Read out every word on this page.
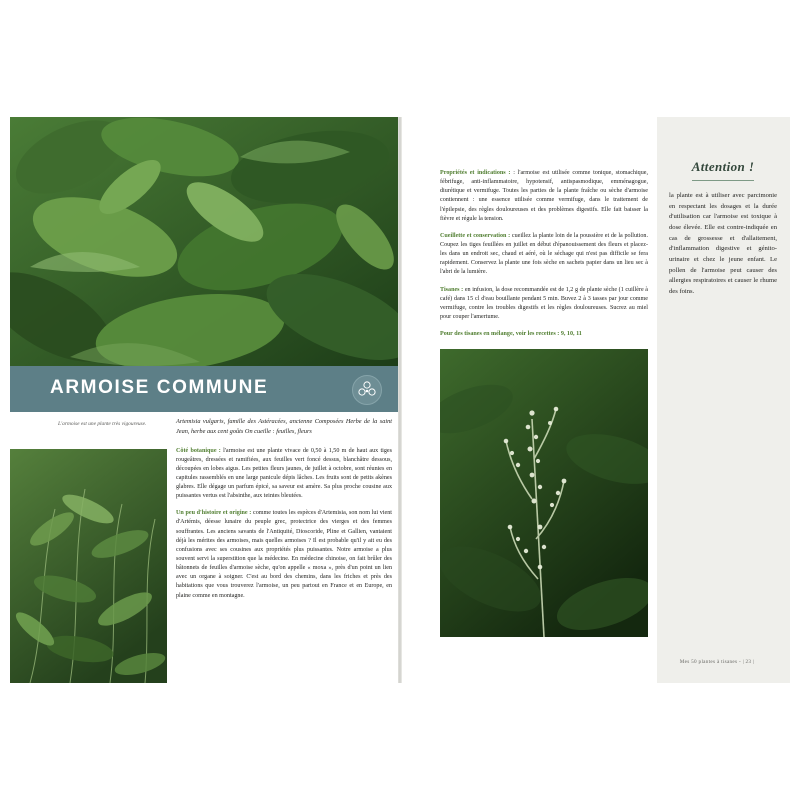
ARMOISE COMMUNE
L'armoise est une plante très vigoureuse.	Artemisia vulgaris, famille des Astéracées, ancienne Composées Herbe de la saint Jean, herbe aux cent goûts On cueille : feuilles, fleurs
Côté botanique : l'armoise est une plante vivace de 0,50 à 1,50 m de haut aux tiges rougeâtres, dressées et ramifiées, aux feuilles vert foncé dessus, blanchâtre dessous, découpées en lobes aigus. Les petites fleurs jaunes, de juillet à octobre, sont réunies en capitules rassemblés en une large panicule dépis lâches. Les fruits sont de petits akènes glabres. Elle dégage un parfum épicé, sa saveur est amère. Sa plus proche cousine aux puissantes vertus est l'absinthe, aux teintes bleutées.
Un peu d'histoire et origine : comme toutes les espèces d'Artemisia, son nom lui vient d'Artémis, déesse lunaire du peuple grec, protectrice des vierges et des femmes souffrantes. Les anciens savants de l'Antiquité, Dioscoride, Pline et Gallien, vantaient déjà les mérites des armoises, mais quelles armoises ? Il est probable qu'il y ait eu des confusions avec ses cousines aux propriétés plus puissantes. Notre armoise a plus souvent servi la superstition que la médecine. En médecine chinoise, on fait brûler des bâtonnets de feuilles d'armoise sèche, qu'on appelle « moxa », près d'un point un lien avec un organe à soigner. C'est au bord des chemins, dans les friches et près des habitations que vous trouverez l'armoise, un peu partout en France et en Europe, en plaine comme en montagne.
Propriétés et indications : : l'armoise est utilisée comme tonique, stomachique, fébrifuge, anti-inflammatoire, hypotensif, antispasmodique, emménagogue, diurétique et vermifuge. Toutes les parties de la plante fraîche ou sèche d'armoise contiennent : une essence utilisée comme vermifuge, dans le traitement de l'épilepsie, des règles douloureuses et des problèmes digestifs. Elle fait baisser la fièvre et régule la tension.
Cueillette et conservation : cueillez la plante loin de la poussière et de la pollution. Coupez les tiges feuillées en juillet en début d'épanouissement des fleurs et placez-les dans un endroit sec, chaud et aéré, où le séchage qui n'est pas difficile se fera rapidement. Conservez la plante une fois sèche en sachets papier dans un lieu sec à l'abri de la lumière.
Tisanes : en infusion, la dose recommandée est de 1,2 g de plante sèche (1 cuillère à café) dans 15 cl d'eau bouillante pendant 5 min. Buvez 2 à 3 tasses par jour comme vermifuge, contre les troubles digestifs et les règles douloureuses. Sucrez au miel pour couper l'amertume.
Pour des tisanes en mélange, voir les recettes : 9, 10, 11
Attention !
la plante est à utiliser avec parcimonie en respectant les dosages et la durée d'utilisation car l'armoise est toxique à dose élevée. Elle est contre-indiquée en cas de grossesse et d'allaitement, d'inflammation digestive et génito-urinaire et chez le jeune enfant. Le pollen de l'armoise peut causer des allergies respiratoires et causer le rhume des foins.
Mes 50 plantes à tisanes - | 23 |
